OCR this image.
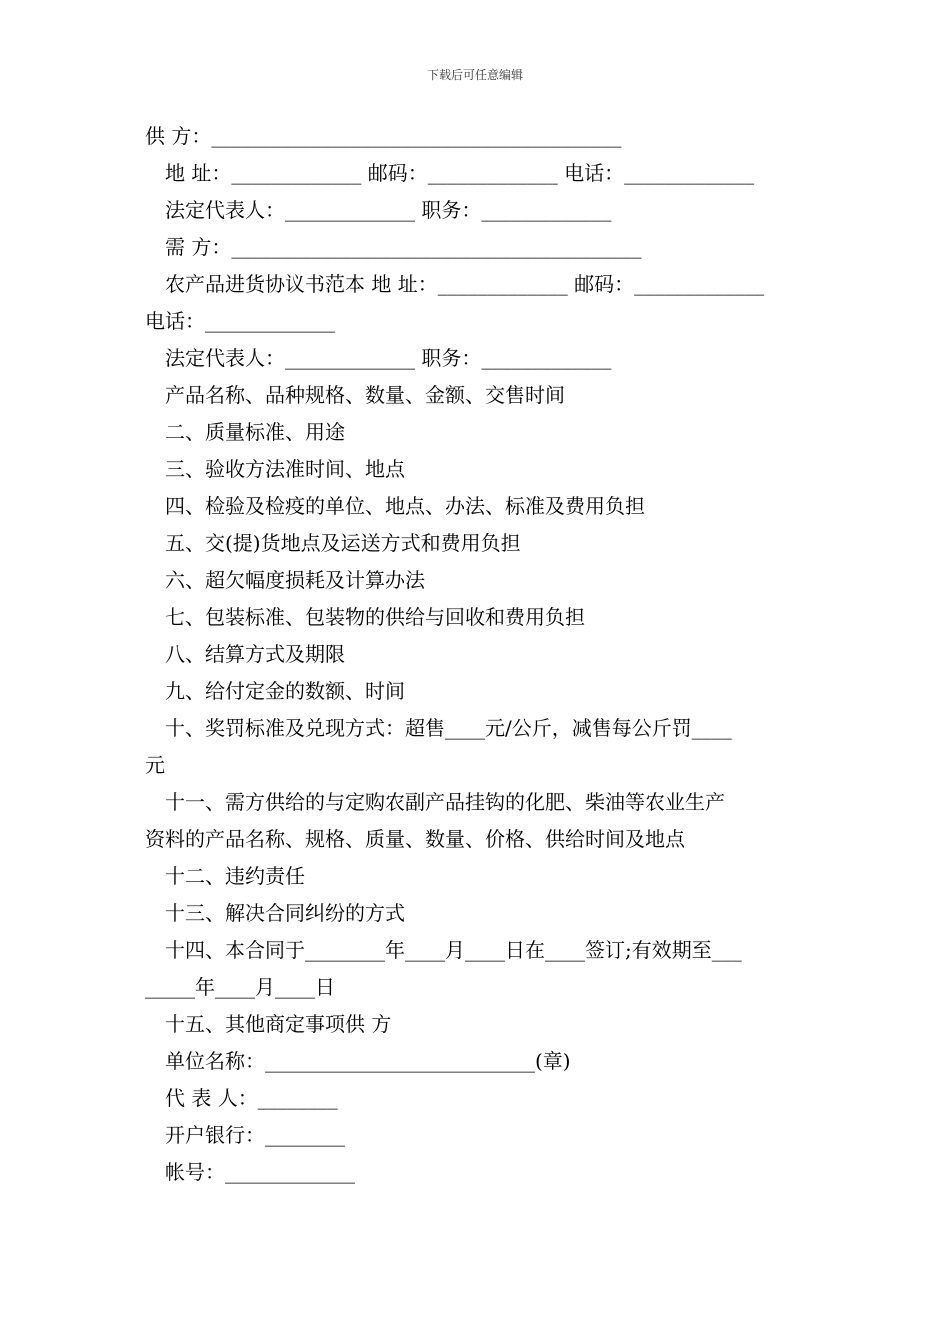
下载后可任意编辑
供 方：_________________________________________
地 址：_____________ 邮码：_____________ 电话：_____________
法定代表人：_____________ 职务：_____________
需 方：_________________________________________
农产品进货协议书范本 地 址：_____________ 邮码：_____________
电话：_____________
法定代表人：_____________ 职务：_____________
产品名称、品种规格、数量、金额、交售时间
二、质量标准、用途
三、验收方法准时间、地点
四、检验及检疫的单位、地点、办法、标准及费用负担
五、交(提)货地点及运送方式和费用负担
六、超欠幅度损耗及计算办法
七、包装标准、包装物的供给与回收和费用负担
八、结算方式及期限
九、给付定金的数额、时间
十、奖罚标准及兑现方式：超售____元/公斤，减售每公斤罚____
元
十一、需方供给的与定购农副产品挂钩的化肥、柴油等农业生产
资料的产品名称、规格、质量、数量、价格、供给时间及地点
十二、违约责任
十三、解决合同纠纷的方式
十四、本合同于________年____月____日在____签订;有效期至___
_____年____月____日
十五、其他商定事项供 方
单位名称：___________________________(章)
代 表 人：________
开户银行：________
帐号：_____________
